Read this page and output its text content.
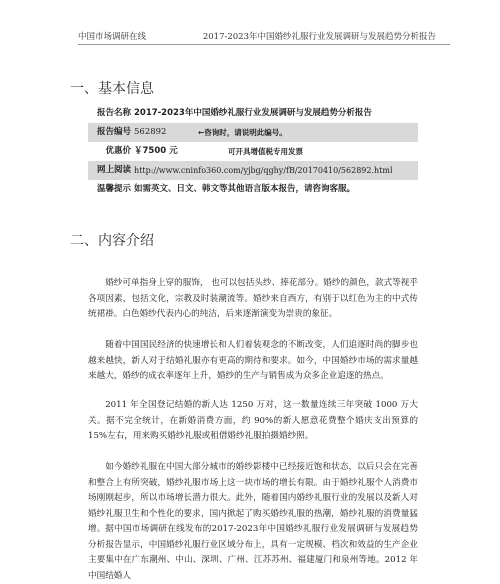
中国市场调研在线	2017-2023年中国婚纱礼服行业发展调研与发展趋势分析报告
一、基本信息
报告名称 2017-2023年中国婚纱礼服行业发展调研与发展趋势分析报告
报告编号 562892	←咨询时，请说明此编号。
优惠价 ￥7500 元	可开具增值税专用发票
网上阅读 http://www.cninfo360.com/yjbg/qghy/fB/20170410/562892.html
温馨提示 如需英文、日文、韩文等其他语言版本报告，请咨询客服。
二、内容介绍

婚纱可单指身上穿的服饰， 也可以包括头纱、捧花部分。婚纱的颜色，款式等视乎各项因素，包括文化，宗教及时装潮流等。婚纱来自西方，有别于以红色为主的中式传统裙褂。白色婚纱代表内心的纯洁，后来逐渐演变为崇贵的象征。

随着中国国民经济的快速增长和人们着装观念的不断改变，人们追逐时尚的脚步也越来越快，新人对于结婚礼服亦有更高的期待和要求。如今，中国婚纱市场的需求量越来越大，婚纱的成衣率逐年上升，婚纱的生产与销售成为众多企业追逐的热点。

2011 年全国登记结婚的新人达 1250 万对，这一数量连续三年突破 1000 万大关。据不完全统计，在新婚消费方面，约 90%的新人愿意花费整个婚庆支出预算的 15%左右，用来购买婚纱礼服或租借婚纱礼服拍摄婚纱照。

如今婚纱礼服在中国大部分城市的婚纱影楼中已经接近饱和状态，以后只会在完善和整合上有所突破，婚纱礼服市场上这一块市场的增长有限。由于婚纱礼服个人消费市场刚刚起步，所以市场增长潜力很大。此外，随着国内婚纱礼服行业的发展以及新人对婚纱礼服卫生和个性化的要求，国内掀起了购买婚纱礼服的热潮，婚纱礼服的消费量猛增。 据中国市场调研在线发布的2017-2023年中国婚纱礼服行业发展调研与发展趋势分析报告显示，中国婚纱礼服行业区域分布上，具有一定规模、档次和效益的生产企业主要集中在广东潮州、中山、深圳、广州、江苏苏州、福建厦门和泉州等地。2012 年中国结婚人
